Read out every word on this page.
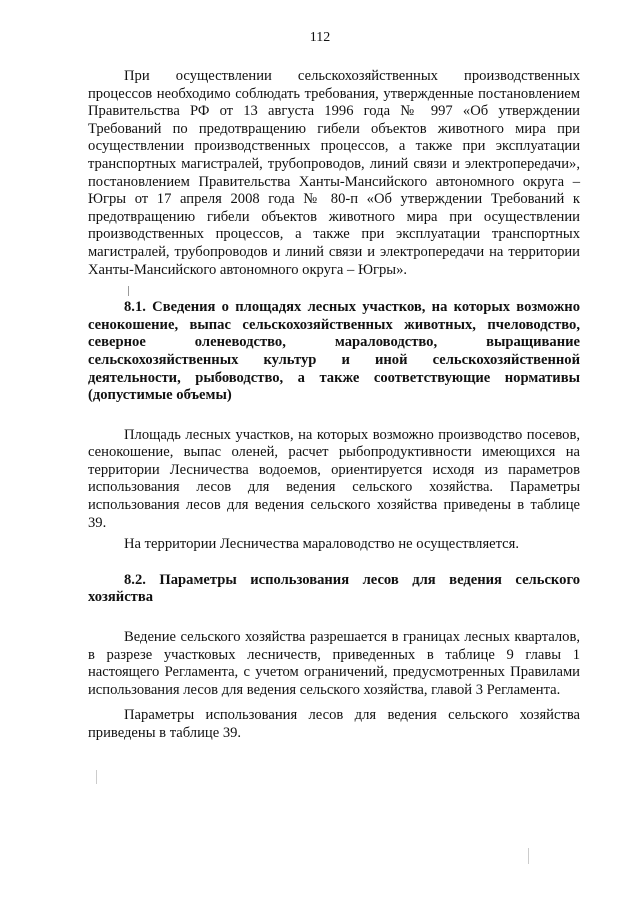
112

При осуществлении сельскохозяйственных производственных процессов необходимо соблюдать требования, утвержденные постановлением Правительства РФ от 13 августа 1996 года № 997 «Об утверждении Требований по предотвращению гибели объектов животного мира при осуществлении производственных процессов, а также при эксплуатации транспортных магистралей, трубопроводов, линий связи и электропередачи», постановлением Правительства Ханты-Мансийского автономного округа – Югры от 17 апреля 2008 года № 80-п «Об утверждении Требований к предотвращению гибели объектов животного мира при осуществлении производственных процессов, а также при эксплуатации транспортных магистралей, трубопроводов и линий связи и электропередачи на территории Ханты-Мансийского автономного округа – Югры».

8.1. Сведения о площадях лесных участков, на которых возможно сенокошение, выпас сельскохозяйственных животных, пчеловодство, северное оленеводство, мараловодство, выращивание сельскохозяйственных культур и иной сельскохозяйственной деятельности, рыбоводство, а также соответствующие нормативы (допустимые объемы)

Площадь лесных участков, на которых возможно производство посевов, сенокошение, выпас оленей, расчет рыбопродуктивности имеющихся на территории Лесничества водоемов, ориентируется исходя из параметров использования лесов для ведения сельского хозяйства. Параметры использования лесов для ведения сельского хозяйства приведены в таблице 39.

На территории Лесничества мараловодство не осуществляется.

8.2. Параметры использования лесов для ведения сельского хозяйства

Ведение сельского хозяйства разрешается в границах лесных кварталов, в разрезе участковых лесничеств, приведенных в таблице 9 главы 1 настоящего Регламента, с учетом ограничений, предусмотренных Правилами использования лесов для ведения сельского хозяйства, главой 3 Регламента.

Параметры использования лесов для ведения сельского хозяйства приведены в таблице 39.
